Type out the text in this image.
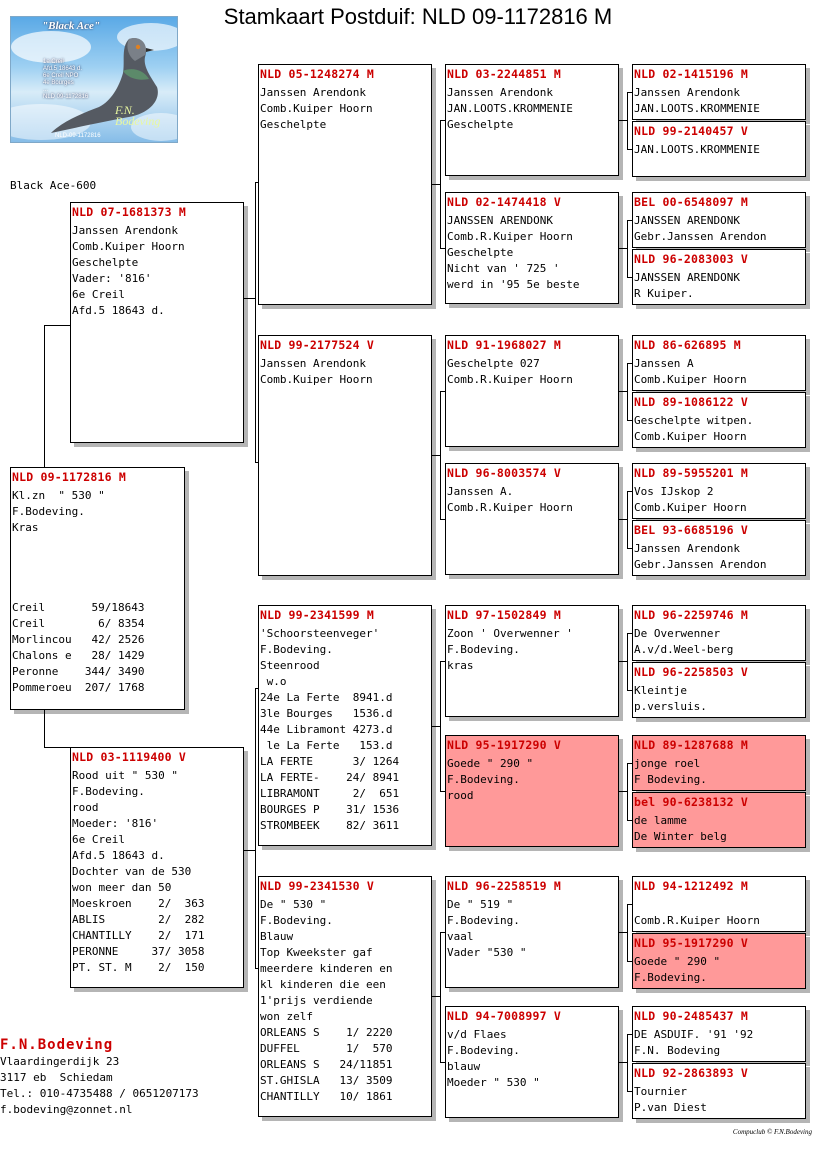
Stamkaart Postduif: NLD 09-1172816 M
"Black Ace"
1e Creil
Afd.5 18643 d.
6e Creil NPO
4e Bourges
...
NLD 09-1172816
NLD-09-1172816
F.N. Bodeving
Black Ace-600
NLD 09-1172816 M
Kl.zn  " 530 "
F.Bodeving.
Kras
Creil       59/18643
Creil        6/ 8354
Morlincou   42/ 2526
Chalons e   28/ 1429
Peronne    344/ 3490
Pommeroeu  207/ 1768
NLD 07-1681373 M
Janssen Arendonk
Comb.Kuiper Hoorn
Geschelpte
Vader: '816'
6e Creil
Afd.5 18643 d.
NLD 03-1119400 V
Rood uit " 530 "
F.Bodeving.
rood
Moeder: '816'
6e Creil
Afd.5 18643 d.
Dochter van de 530
won meer dan 50
Moeskroen    2/  363
ABLIS        2/  282
CHANTILLY    2/  171
PERONNE     37/ 3058
PT. ST. M    2/  150
NLD 05-1248274 M
Janssen Arendonk
Comb.Kuiper Hoorn
Geschelpte
NLD 99-2177524 V
Janssen Arendonk
Comb.Kuiper Hoorn
NLD 99-2341599 M
'Schoorsteenveger'
F.Bodeving.
Steenrood
w.o
24e La Ferte  8941.d
3le Bourges   1536.d
44e Libramont 4273.d
le La Ferte   153.d
LA FERTE      3/ 1264
LA FERTE-    24/ 8941
LIBRAMONT     2/  651
BOURGES P    31/ 1536
STROMBEEK    82/ 3611
NLD 99-2341530 V
De " 530 "
F.Bodeving.
Blauw
Top Kweekster gaf
meerdere kinderen en
kl kinderen die een
1'prijs verdiende
won zelf
ORLEANS S    1/ 2220
DUFFEL       1/  570
ORLEANS S   24/11851
ST.GHISLA   13/ 3509
CHANTILLY   10/ 1861
NLD 03-2244851 M
Janssen Arendonk
JAN.LOOTS.KROMMENIE
Geschelpte
NLD 02-1474418 V
JANSSEN ARENDONK
Comb.R.Kuiper Hoorn
Geschelpte
Nicht van ' 725 '
werd in '95 5e beste
NLD 91-1968027 M
Geschelpte 027
Comb.R.Kuiper Hoorn
NLD 96-8003574 V
Janssen A.
Comb.R.Kuiper Hoorn
NLD 97-1502849 M
Zoon ' Overwenner '
F.Bodeving.
kras
NLD 95-1917290 V
Goede " 290 "
F.Bodeving.
rood
NLD 96-2258519 M
De " 519 "
F.Bodeving.
vaal
Vader "530 "
NLD 94-7008997 V
v/d Flaes
F.Bodeving.
blauw
Moeder " 530 "
NLD 02-1415196 M
Janssen Arendonk
JAN.LOOTS.KROMMENIE
NLD 99-2140457 V
JAN.LOOTS.KROMMENIE
BEL 00-6548097 M
JANSSEN ARENDONK
Gebr.Janssen Arendon
NLD 96-2083003 V
JANSSEN ARENDONK
R Kuiper.
NLD 86-626895 M
Janssen A
Comb.Kuiper Hoorn
NLD 89-1086122 V
Geschelpte witpen.
Comb.Kuiper Hoorn
NLD 89-5955201 M
Vos IJskop 2
Comb.Kuiper Hoorn
BEL 93-6685196 V
Janssen Arendonk
Gebr.Janssen Arendon
NLD 96-2259746 M
De Overwenner
A.v/d.Weel-berg
NLD 96-2258503 V
Kleintje
p.versluis.
NLD 89-1287688 M
jonge roel
F Bodeving.
bel 90-6238132 V
de lamme
De Winter belg
NLD 94-1212492 M
Comb.R.Kuiper Hoorn
NLD 95-1917290 V
Goede " 290 "
F.Bodeving.
NLD 90-2485437 M
DE ASDUIF. '91 '92
F.N. Bodeving
NLD 92-2863893 V
Tournier
P.van Diest
F.N.Bodeving
Vlaardingerdijk 23
3117 eb  Schiedam
Tel.: 010-4735488 / 0651207173
f.bodeving@zonnet.nl
Compuclub © F.N.Bodeving
